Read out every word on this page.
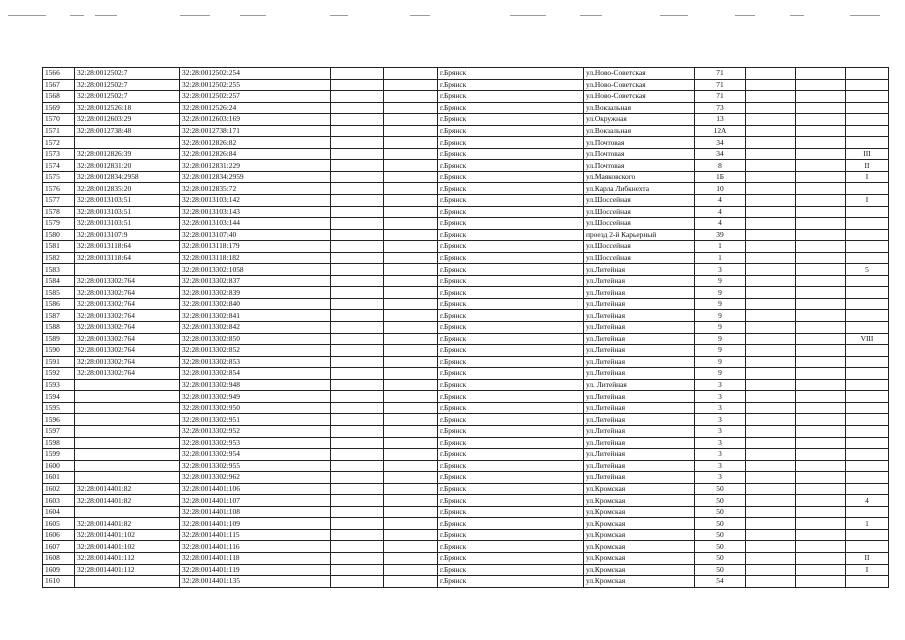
1566	32:28:0012502:7	32:28:0012502:254			г.Брянск	ул.Ново-Советская	71			
1567	32:28:0012502:7	32:28:0012502:255			г.Брянск	ул.Ново-Советская	71			
1568	32:28:0012502:7	32:28:0012502:257			г.Брянск	ул.Ново-Советская	71			
1569	32:28:0012526:18	32:28:0012526:24			г.Брянск	ул.Вокзальная	73			
1570	32:28:0012603:29	32:28:0012603:169			г.Брянск	ул.Окружная	13			
1571	32:28:0012738:48	32:28:0012738:171			г.Брянск	ул.Вокзальная	12А			
1572		32:28:0012826:82			г.Брянск	ул.Почтовая	34			
1573	32:28:0012826:39	32:28:0012826:84			г.Брянск	ул.Почтовая	34			III
1574	32:28:0012831:20	32:28:0012831:229			г.Брянск	ул.Почтовая	8			II
1575	32:28:0012834:2958	32:28:0012834:2959			г.Брянск	ул.Маяковского	1Б			I
1576	32:28:0012835:20	32:28:0012835:72			г.Брянск	ул.Карла Либкнехта	10			
1577	32:28:0013103:51	32:28:0013103:142			г.Брянск	ул.Шоссейная	4			I
1578	32:28:0013103:51	32:28:0013103:143			г.Брянск	ул.Шоссейная	4			
1579	32:28:0013103:51	32:28:0013103:144			г.Брянск	ул.Шоссейная	4			
1580	32:28:0013107:9	32:28:0013107:40			г.Брянск	проезд 2-й Карьерный	39			
1581	32:28:0013118:64	32:28:0013118:179			г.Брянск	ул.Шоссейная	1			
1582	32:28:0013118:64	32:28:0013118:182			г.Брянск	ул.Шоссейная	1			
1583		32:28:0013302:1058			г.Брянск	ул.Литейная	3			5
1584	32:28:0013302:764	32:28:0013302:837			г.Брянск	ул.Литейная	9			
1585	32:28:0013302:764	32:28:0013302:839			г.Брянск	ул.Литейная	9			
1586	32:28:0013302:764	32:28:0013302:840			г.Брянск	ул.Литейная	9			
1587	32:28:0013302:764	32:28:0013302:841			г.Брянск	ул.Литейная	9			
1588	32:28:0013302:764	32:28:0013302:842			г.Брянск	ул.Литейная	9			
1589	32:28:0013302:764	32:28:0013302:850			г.Брянск	ул.Литейная	9			VIII
1590	32:28:0013302:764	32:28:0013302:852			г.Брянск	ул.Литейная	9			
1591	32:28:0013302:764	32:28:0013302:853			г.Брянск	ул.Литейная	9			
1592	32:28:0013302:764	32:28:0013302:854			г.Брянск	ул.Литейная	9			
1593		32:28:0013302:948			г.Брянск	ул. Литейная	3			
1594		32:28:0013302:949			г.Брянск	ул.Литейная	3			
1595		32:28:0013302:950			г.Брянск	ул.Литейная	3			
1596		32:28:0013302:951			г.Брянск	ул.Литейная	3			
1597		32:28:0013302:952			г.Брянск	ул.Литейная	3			
1598		32:28:0013302:953			г.Брянск	ул.Литейная	3			
1599		32:28:0013302:954			г.Брянск	ул.Литейная	3			
1600		32:28:0013302:955			г.Брянск	ул.Литейная	3			
1601		32:28:0013302:962			г.Брянск	ул.Литейная	3			
1602	32:28:0014401:82	32:28:0014401:106			г.Брянск	ул.Кромская	50			
1603	32:28:0014401:82	32:28:0014401:107			г.Брянск	ул.Кромская	50			4
1604		32:28:0014401:108			г.Брянск	ул.Кромская	50			
1605	32:28:0014401:82	32:28:0014401:109			г.Брянск	ул.Кромская	50			1
1606	32:28:0014401:102	32:28:0014401:115			г.Брянск	ул.Кромская	50			
1607	32:28:0014401:102	32:28:0014401:116			г.Брянск	ул.Кромская	50			
1608	32:28:0014401:112	32:28:0014401:118			г.Брянск	ул.Кромская	50			II
1609	32:28:0014401:112	32:28:0014401:119			г.Брянск	ул.Кромская	50			I
1610		32:28:0014401:135			г.Брянск	ул.Кромская	54			
